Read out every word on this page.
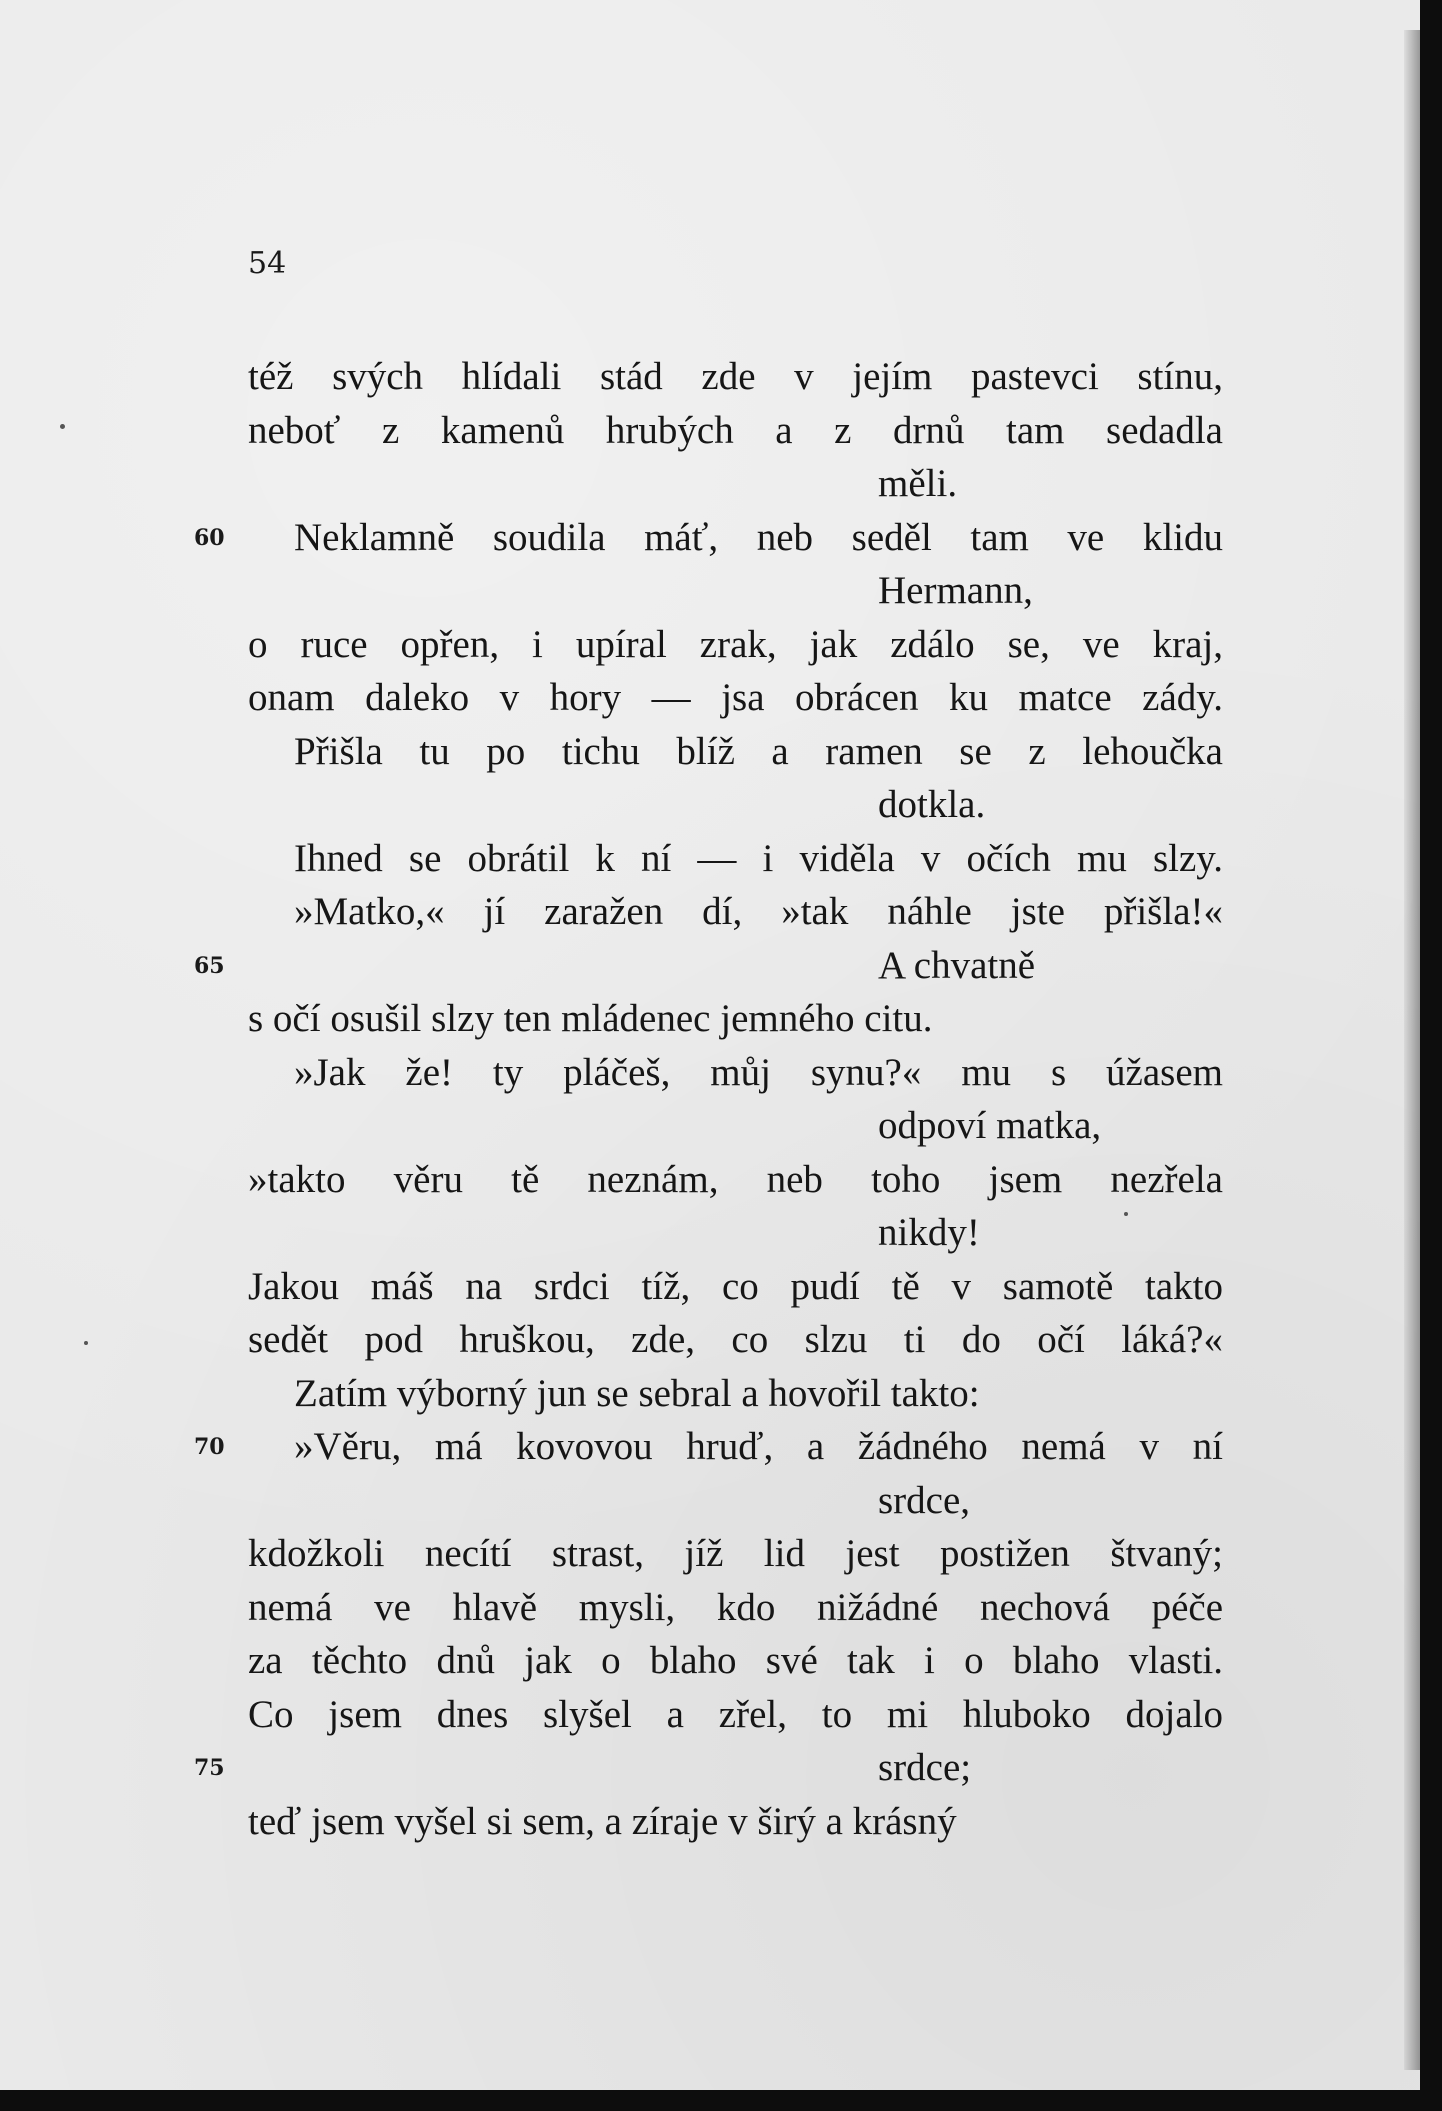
54
též svých hlídali stád zde v jejím pastevci stínu,
neboť z kamenů hrubých a z drnů tam sedadla
měli.
Neklamně soudila máť, neb seděl tam ve klidu
Hermann,
o ruce opřen, i upíral zrak, jak zdálo se, ve kraj,
onam daleko v hory — jsa obrácen ku matce zády.
Přišla tu po tichu blíž a ramen se z lehoučka
dotkla.
Ihned se obrátil k ní — i viděla v očích mu slzy.
»Matko,« jí zaražen dí, »tak náhle jste přišla!«
A chvatně
s očí osušil slzy ten mládenec jemného citu.
»Jak že! ty pláčeš, můj synu?« mu s úžasem
odpoví matka,
»takto věru tě neznám, neb toho jsem nezřela
nikdy!
Jakou máš na srdci tíž, co pudí tě v samotě takto
sedět pod hruškou, zde, co slzu ti do očí láká?«
Zatím výborný jun se sebral a hovořil takto:
»Věru, má kovovou hruď, a žádného nemá v ní
srdce,
kdožkoli necítí strast, jíž lid jest postižen štvaný;
nemá ve hlavě mysli, kdo nižádné nechová péče
za těchto dnů jak o blaho své tak i o blaho vlasti.
Co jsem dnes slyšel a zřel, to mi hluboko dojalo
srdce;
teď jsem vyšel si sem, a zíraje v širý a krásný
60
65
70
75
